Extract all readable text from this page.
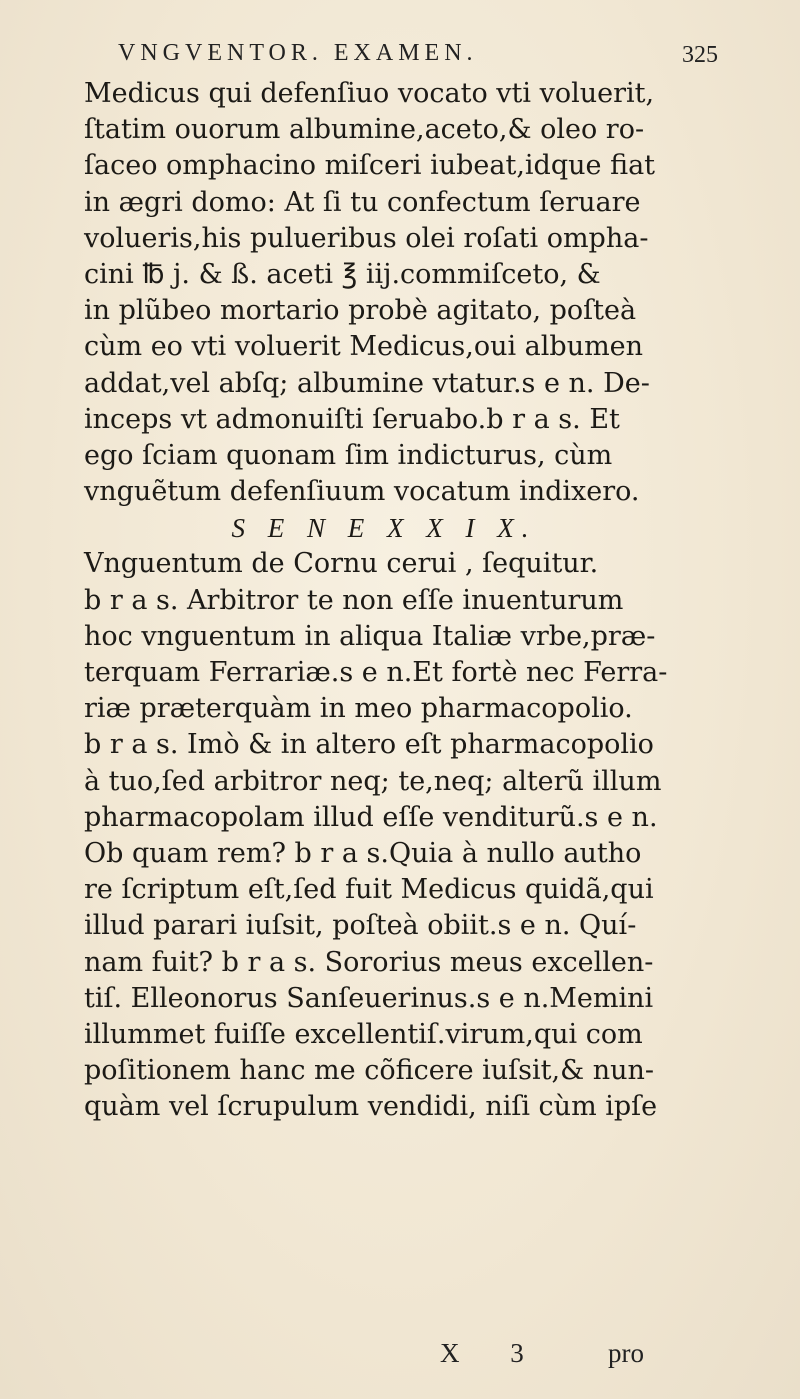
VNGVENTOR. EXAMEN.	325
Medicus qui defenſiuo vocato vti voluerit,
ſtatim ouorum albumine,aceto,& oleo ro-
ſaceo omphacino miſceri iubeat,idque fiat
in ægri domo: At ſi tu confectum ſeruare
volueris,his pulueribus olei roſati ompha-
cini ℔ j. & ß. aceti ℥ iij.commiſceto, &
in plũbeo mortario probè agitato, poſteà
cùm eo vti voluerit Medicus,oui albumen
addat,vel abſq; albumine vtatur.s e n. De-
inceps vt admonuiſti ſeruabo.b r a s. Et
ego ſciam quonam ſim indicturus, cùm
vnguẽtum defenſiuum vocatum indixero.
S E N E X X I X.
Vnguentum de Cornu cerui , ſequitur.
b r a s. Arbitror te non eſſe inuenturum
hoc vnguentum in aliqua Italiæ vrbe,præ-
terquam Ferrariæ.s e n.Et fortè nec Ferra-
riæ præterquàm in meo pharmacopolio.
b r a s. Imò & in altero eſt pharmacopolio
à tuo,ſed arbitror neq; te,neq; alterũ illum
pharmacopolam illud eſſe venditurũ.s e n.
Ob quam rem? b r a s.Quia à nullo autho
re ſcriptum eſt,ſed fuit Medicus quidã,qui
illud parari iuſsit, poſteà obiit.s e n. Quí-
nam fuit? b r a s. Sororius meus excellen-
tiſ. Elleonorus Sanſeuerinus.s e n.Memini
illummet fuiſſe excellentiſ.virum,qui com
poſitionem hanc me cõficere iuſsit,& nun-
quàm vel ſcrupulum vendidi, niſi cùm ipſe
X 3 pro
